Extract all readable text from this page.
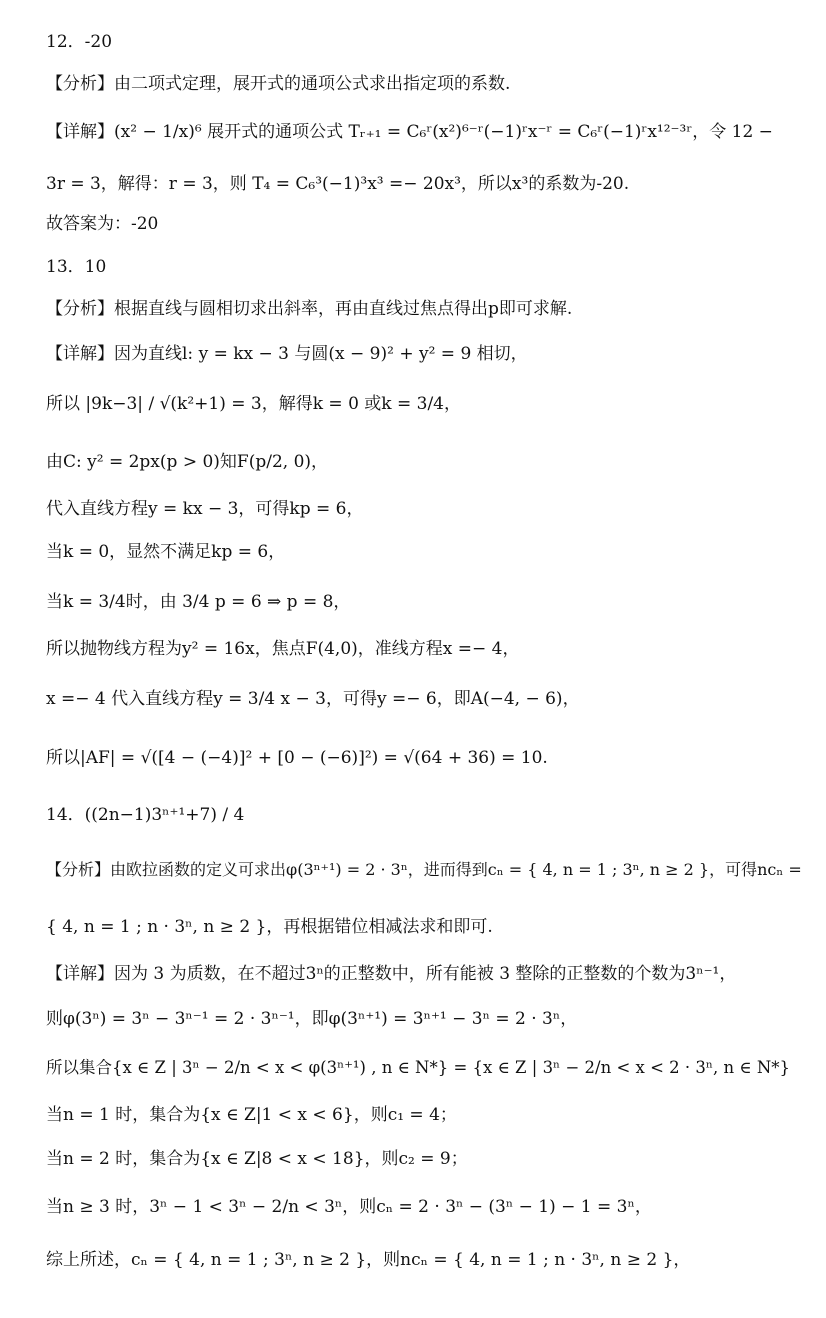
12．-20
【分析】由二项式定理，展开式的通项公式求出指定项的系数.
【详解】(x² − 1/x)⁶ 展开式的通项公式 Tᵣ₊₁ = C₆ʳ(x²)⁶⁻ʳ(−1)ʳx⁻ʳ = C₆ʳ(−1)ʳx¹²⁻³ʳ，令 12 −
3r = 3，解得：r = 3，则 T₄ = C₆³(−1)³x³ =− 20x³，所以x³的系数为-20.
故答案为：-20
13．10
【分析】根据直线与圆相切求出斜率，再由直线过焦点得出p即可求解.
【详解】因为直线l: y = kx − 3 与圆(x − 9)² + y² = 9 相切，
所以 |9k−3| / √(k²+1) = 3，解得k = 0 或k = 3/4，
由C: y² = 2px(p > 0)知F(p/2, 0)，
代入直线方程y = kx − 3，可得kp = 6，
当k = 0，显然不满足kp = 6，
当k = 3/4时，由 3/4 p = 6 ⇒ p = 8，
所以抛物线方程为y² = 16x，焦点F(4,0)，准线方程x =− 4，
x =− 4 代入直线方程y = 3/4 x − 3，可得y =− 6，即A(−4, − 6)，
所以|AF| = √([4 − (−4)]² + [0 − (−6)]²) = √(64 + 36) = 10.
14．((2n−1)3ⁿ⁺¹+7) / 4
【分析】由欧拉函数的定义可求出φ(3ⁿ⁺¹) = 2 · 3ⁿ，进而得到cₙ = { 4, n = 1 ; 3ⁿ, n ≥ 2 }，可得ncₙ =
{ 4, n = 1 ; n · 3ⁿ, n ≥ 2 }，再根据错位相减法求和即可.
【详解】因为 3 为质数，在不超过3ⁿ的正整数中，所有能被 3 整除的正整数的个数为3ⁿ⁻¹，
则φ(3ⁿ) = 3ⁿ − 3ⁿ⁻¹ = 2 · 3ⁿ⁻¹，即φ(3ⁿ⁺¹) = 3ⁿ⁺¹ − 3ⁿ = 2 · 3ⁿ，
所以集合{x ∈ Z | 3ⁿ − 2/n < x < φ(3ⁿ⁺¹) , n ∈ N*} = {x ∈ Z | 3ⁿ − 2/n < x < 2 · 3ⁿ, n ∈ N*}
当n = 1 时，集合为{x ∈ Z|1 < x < 6}，则c₁ = 4；
当n = 2 时，集合为{x ∈ Z|8 < x < 18}，则c₂ = 9；
当n ≥ 3 时，3ⁿ − 1 < 3ⁿ − 2/n < 3ⁿ，则cₙ = 2 · 3ⁿ − (3ⁿ − 1) − 1 = 3ⁿ，
综上所述，cₙ = { 4, n = 1 ; 3ⁿ, n ≥ 2 }，则ncₙ = { 4, n = 1 ; n · 3ⁿ, n ≥ 2 }，
